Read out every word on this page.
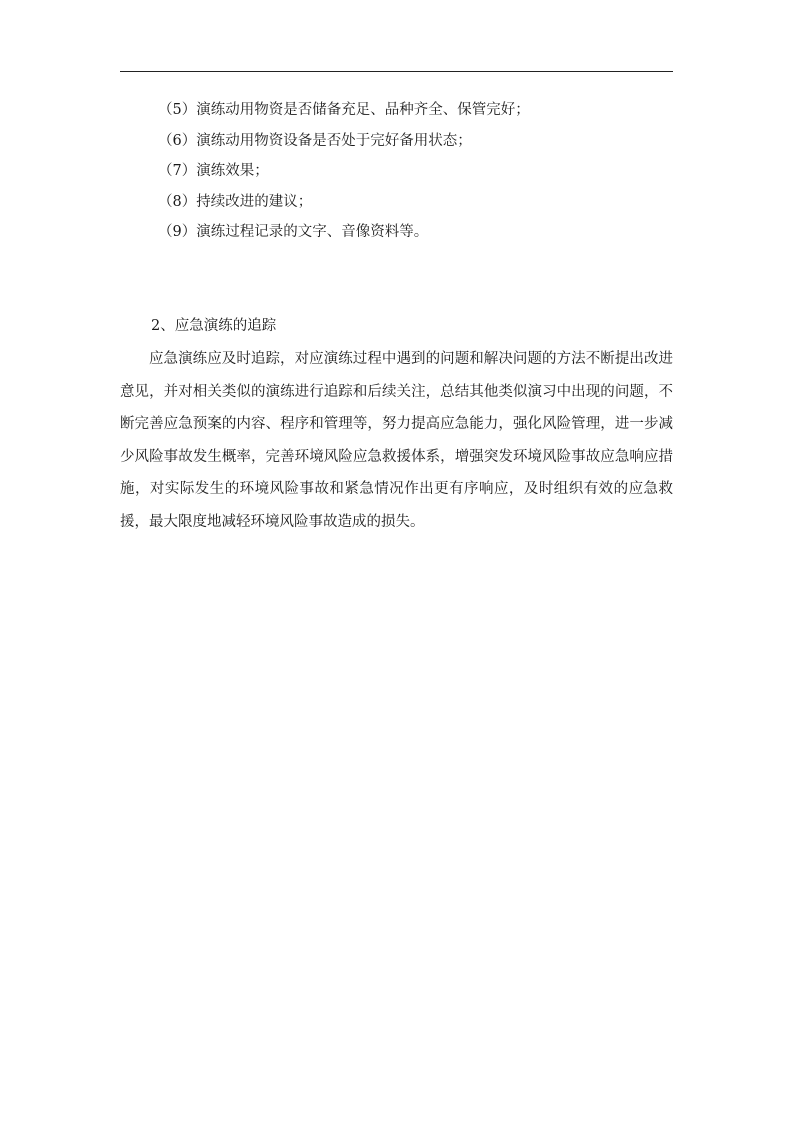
（5）演练动用物资是否储备充足、品种齐全、保管完好；
（6）演练动用物资设备是否处于完好备用状态；
（7）演练效果；
（8）持续改进的建议；
（9）演练过程记录的文字、音像资料等。
2、应急演练的追踪

应急演练应及时追踪，对应演练过程中遇到的问题和解决问题的方法不断提出改进意见，并对相关类似的演练进行追踪和后续关注，总结其他类似演习中出现的问题，不断完善应急预案的内容、程序和管理等，努力提高应急能力，强化风险管理，进一步减少风险事故发生概率，完善环境风险应急救援体系，增强突发环境风险事故应急响应措施，对实际发生的环境风险事故和紧急情况作出更有序响应，及时组织有效的应急救援，最大限度地减轻环境风险事故造成的损失。
